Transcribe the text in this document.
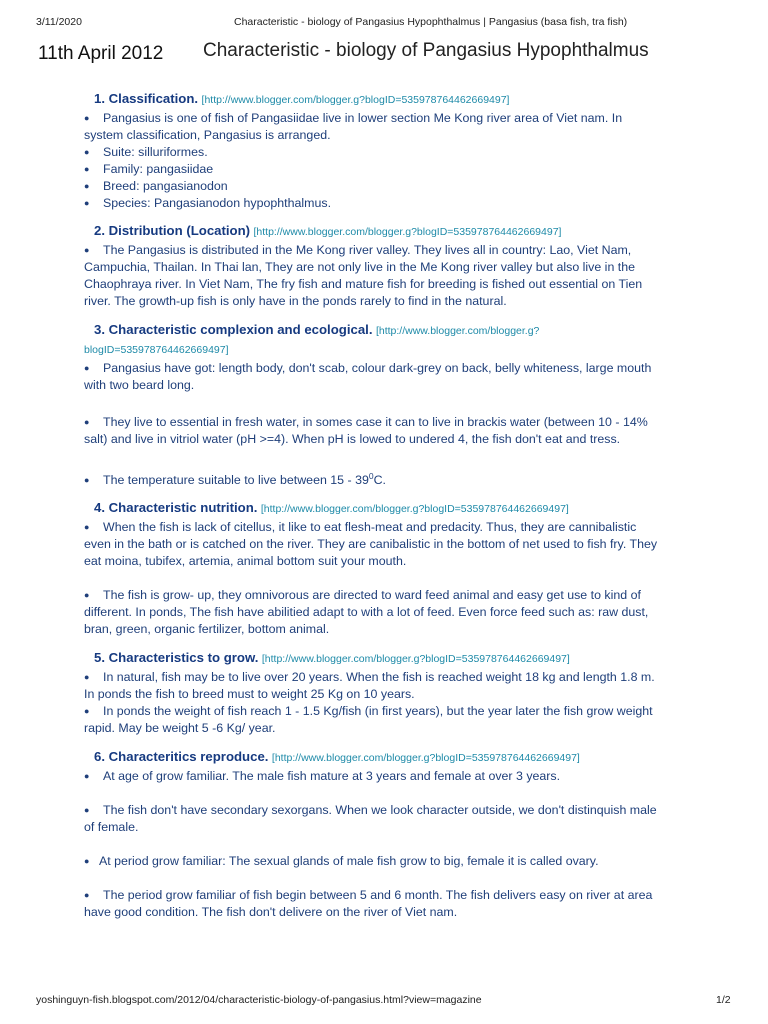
3/11/2020	Characteristic - biology of Pangasius Hypophthalmus | Pangasius (basa fish, tra fish)
11th April 2012 Characteristic - biology of Pangasius Hypophthalmus
1. Classification. [http://www.blogger.com/blogger.g?blogID=535978764462669497]

● Pangasius is one of fish of Pangasiidae live in lower section Me Kong river area of Viet nam. In

system classification, Pangasius is arranged.

● Suite: silluriformes.

● Family: pangasiidae

● Breed: pangasianodon

● Species: Pangasianodon hypophthalmus.

2. Distribution (Location) [http://www.blogger.com/blogger.g?blogID=535978764462669497]

● The Pangasius is distributed in the Me Kong river valley. They lives all in country: Lao, Viet Nam,

Campuchia, Thailan. In Thai lan, They are not only live in the Me Kong river valley but also live in the

Chaophraya river. In Viet Nam, The fry fish and mature fish for breeding is fished out essential on Tien

river. The growth-up fish is only have in the ponds rarely to find in the natural.

3. Characteristic complexion and ecological. [http://www.blogger.com/blogger.g?
blogID=535978764462669497]

● Pangasius have got: length body, don't scab, colour dark-grey on back, belly whiteness, large mouth

with two beard long.

● They live to essential in fresh water, in somes case it can to live in brackis water (between 10 - 14%

salt) and live in vitriol water (pH >=4). When pH is lowed to undered 4, the fish don't eat and tress.

● The temperature suitable to live between $15 - 39^0C$.

4. Characteristic nutrition. [http://www.blogger.com/blogger.g?blogID=535978764462669497]

● When the fish is lack of citellus, it like to eat flesh-meat and predacity. Thus, they are cannibalistic

even in the bath or is catched on the river. They are canibalistic in the bottom of net used to fish fry. They

eat moina, tubifex, artemia, animal bottom suit your mouth.

● The fish is grow- up, they omnivorous are directed to ward feed animal and easy get use to kind of

different. In ponds, The fish have abilitied adapt to with a lot of feed. Even force feed such as: raw dust,

bran, green, organic fertilizer, bottom animal.

5. Characteristics to grow. [http://www.blogger.com/blogger.g?blogID=535978764462669497]

● In natural, fish may be to live over 20 years. When the fish is reached weight 18 kg and length 1.8 m.

In ponds the fish to breed must to weight 25 Kg on 10 years.

● In ponds the weight of fish reach 1 - 1.5 Kg/fish (in first years), but the year later the fish grow weight

rapid. May be weight 5 -6 Kg/ year.

6. Characteritics reproduce. [http://www.blogger.com/blogger.g?blogID=535978764462669497]

● At age of grow familiar. The male fish mature at 3 years and female at over 3 years.

● The fish don't have secondary sexorgans. When we look character outside, we don't distinquish male

of female.

● At period grow familiar: The sexual glands of male fish grow to big, female it is called ovary.

● The period grow familiar of fish begin between 5 and 6 month. The fish delivers easy on river at area

have good condition. The fish don't delivere on the river of Viet nam.

yoshinguyn-fish.blogspot.com/2012/04/characteristic-biology-of-pangasius.html?view=magazine	1/2
